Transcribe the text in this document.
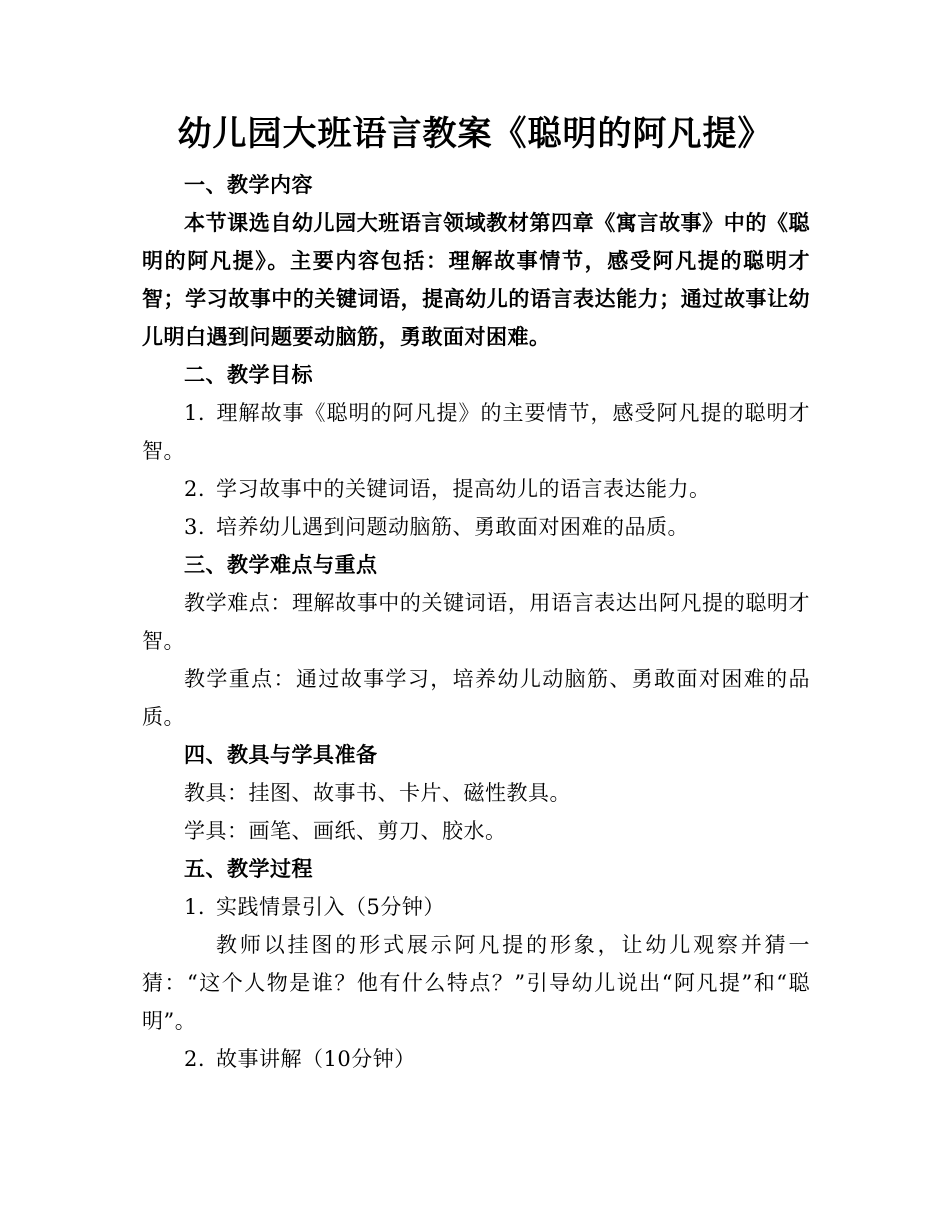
幼儿园大班语言教案《聪明的阿凡提》
一、教学内容

本节课选自幼儿园大班语言领域教材第四章《寓言故事》中的《聪明的阿凡提》。主要内容包括：理解故事情节，感受阿凡提的聪明才智；学习故事中的关键词语，提高幼儿的语言表达能力；通过故事让幼儿明白遇到问题要动脑筋，勇敢面对困难。

二、教学目标

1. 理解故事《聪明的阿凡提》的主要情节，感受阿凡提的聪明才智。

2. 学习故事中的关键词语，提高幼儿的语言表达能力。

3. 培养幼儿遇到问题动脑筋、勇敢面对困难的品质。

三、教学难点与重点

教学难点：理解故事中的关键词语，用语言表达出阿凡提的聪明才智。

教学重点：通过故事学习，培养幼儿动脑筋、勇敢面对困难的品质。

四、教具与学具准备

教具：挂图、故事书、卡片、磁性教具。

学具：画笔、画纸、剪刀、胶水。

五、教学过程

1. 实践情景引入（5分钟）

教师以挂图的形式展示阿凡提的形象，让幼儿观察并猜一猜：“这个人物是谁？他有什么特点？”引导幼儿说出“阿凡提”和“聪明”。

2. 故事讲解（10分钟）
